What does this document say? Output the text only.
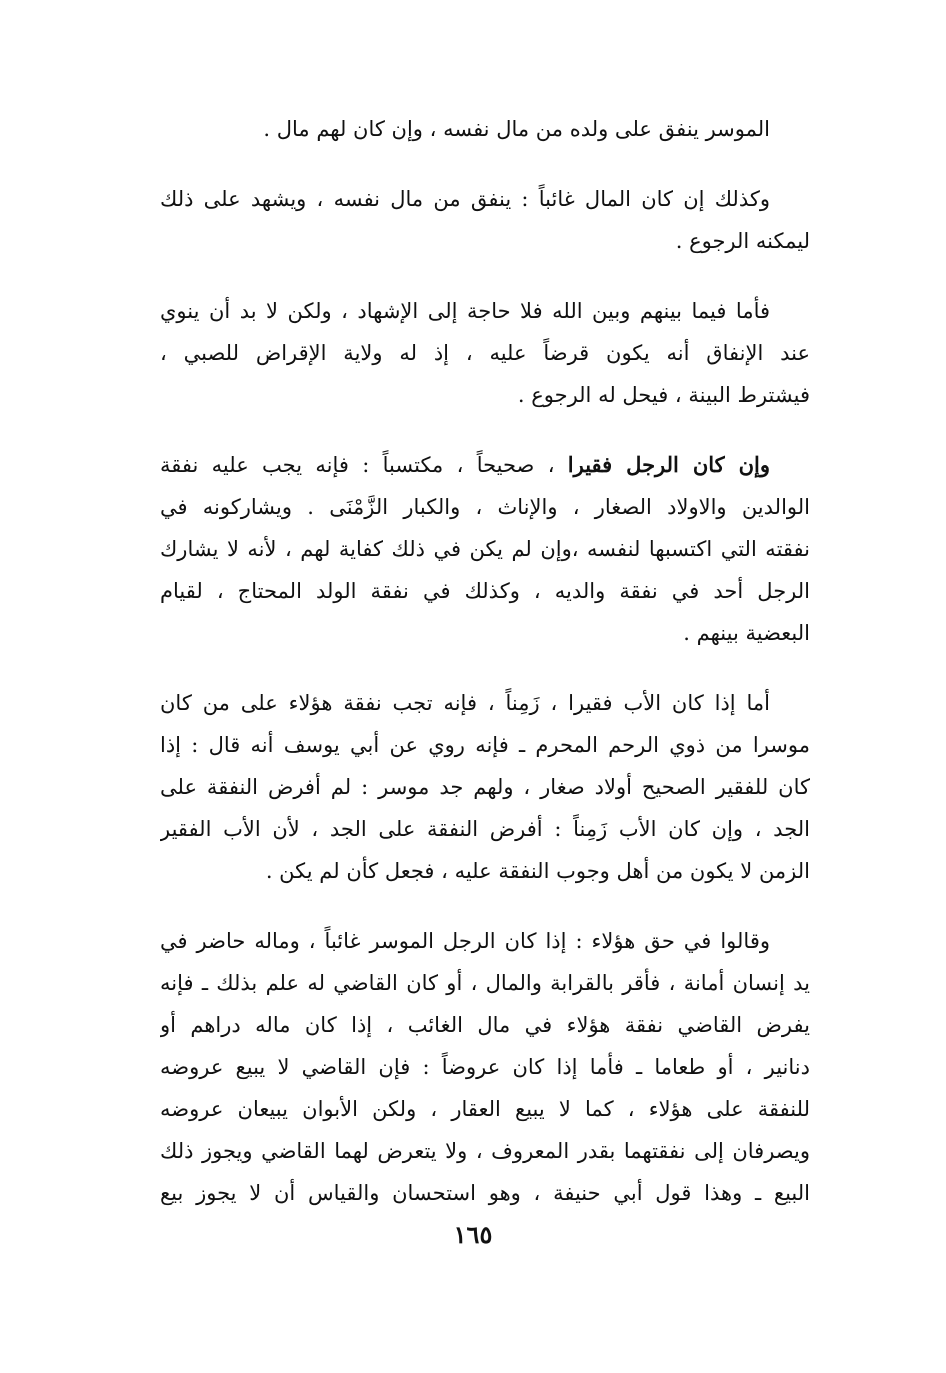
الموسر ينفق على ولده من مال نفسه ، وإن كان لهم مال .
وكذلك إن كان المال غائباً : ينفق من مال نفسه ، ويشهد على ذلك
ليمكنه الرجوع .
فأما فيما بينهم وبين الله فلا حاجة إلى الإشهاد ، ولكن لا بد أن ينوي
عند الإنفاق أنه يكون قرضاً عليه ، إذ له ولاية الإقراض للصبي ،
فيشترط البينة ، فيحل له الرجوع .
وإن كان الرجل فقيرا ، صحيحاً ، مكتسباً : فإنه يجب عليه نفقة
الوالدين والاولاد الصغار ، والإناث ، والكبار الزَّمْنَى . ويشاركونه في
نفقته التي اكتسبها لنفسه ،وإن لم يكن في ذلك كفاية لهم ، لأنه لا يشارك
الرجل أحد في نفقة والديه ، وكذلك في نفقة الولد المحتاج ، لقيام
البعضية بينهم .
أما إذا كان الأب فقيرا ، زَمِناً ، فإنه تجب نفقة هؤلاء على من كان
موسرا من ذوي الرحم المحرم ـ فإنه روي عن أبي يوسف أنه قال : إذا
كان للفقير الصحيح أولاد صغار ، ولهم جد موسر : لم أفرض النفقة على
الجد ، وإن كان الأب زَمِناً : أفرض النفقة على الجد ، لأن الأب الفقير
الزمن لا يكون من أهل وجوب النفقة عليه ، فجعل كأن لم يكن .
وقالوا في حق هؤلاء : إذا كان الرجل الموسر غائباً ، وماله حاضر في
يد إنسان أمانة ، فأقر بالقرابة والمال ، أو كان القاضي له علم بذلك ـ فإنه
يفرض القاضي نفقة هؤلاء في مال الغائب ، إذا كان ماله دراهم أو
دنانير ، أو طعاما ـ فأما إذا كان عروضاً : فإن القاضي لا يبيع عروضه
للنفقة على هؤلاء ، كما لا يبيع العقار ، ولكن الأبوان يبيعان عروضه
ويصرفان إلى نفقتهما بقدر المعروف ، ولا يتعرض لهما القاضي ويجوز ذلك
البيع ـ وهذا قول أبي حنيفة ، وهو استحسان والقياس أن لا يجوز بيع
١٦٥
